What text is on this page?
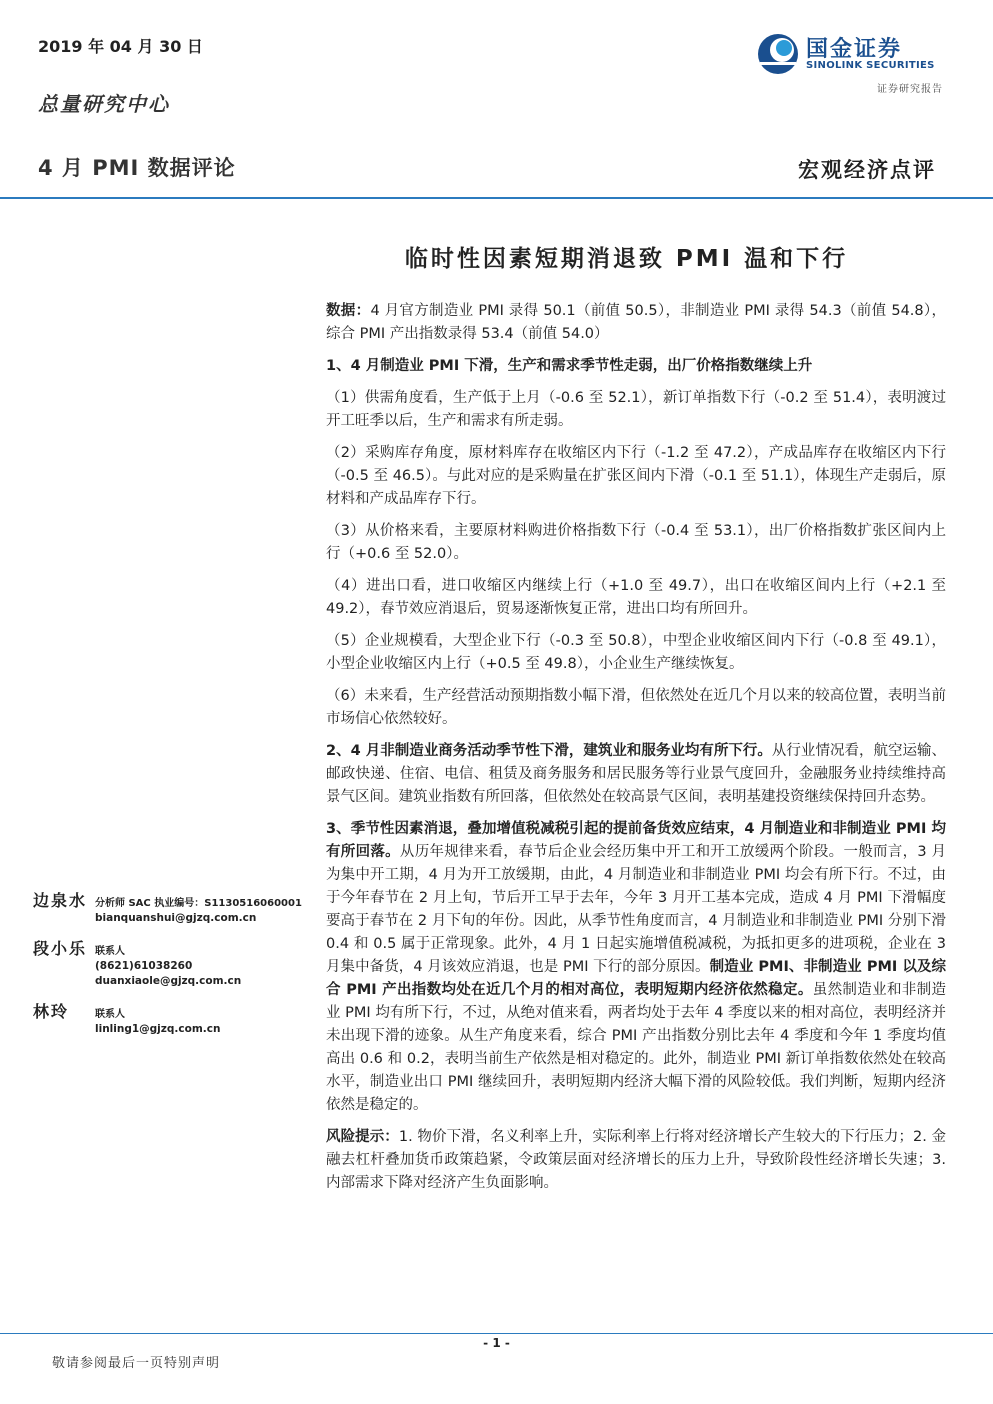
2019 年 04 月 30 日
总量研究中心
4 月 PMI 数据评论	宏观经济点评
国金证券
SINOLINK SECURITIES
证券研究报告
临时性因素短期消退致 PMI 温和下行

数据：4 月官方制造业 PMI 录得 50.1（前值 50.5），非制造业 PMI 录得 54.3（前值 54.8），综合 PMI 产出指数录得 53.4（前值 54.0）

1、4 月制造业 PMI 下滑，生产和需求季节性走弱，出厂价格指数继续上升

（1）供需角度看，生产低于上月（-0.6 至 52.1），新订单指数下行（-0.2 至 51.4），表明渡过开工旺季以后，生产和需求有所走弱。

（2）采购库存角度，原材料库存在收缩区内下行（-1.2 至 47.2），产成品库存在收缩区内下行（-0.5 至 46.5）。与此对应的是采购量在扩张区间内下滑（-0.1 至 51.1），体现生产走弱后，原材料和产成品库存下行。

（3）从价格来看，主要原材料购进价格指数下行（-0.4 至 53.1），出厂价格指数扩张区间内上行（+0.6 至 52.0）。

（4）进出口看，进口收缩区内继续上行（+1.0 至 49.7），出口在收缩区间内上行（+2.1 至 49.2），春节效应消退后，贸易逐渐恢复正常，进出口均有所回升。

（5）企业规模看，大型企业下行（-0.3 至 50.8），中型企业收缩区间内下行（-0.8 至 49.1），小型企业收缩区内上行（+0.5 至 49.8），小企业生产继续恢复。

（6）未来看，生产经营活动预期指数小幅下滑，但依然处在近几个月以来的较高位置，表明当前市场信心依然较好。

2、4 月非制造业商务活动季节性下滑，建筑业和服务业均有所下行。从行业情况看，航空运输、邮政快递、住宿、电信、租赁及商务服务和居民服务等行业景气度回升，金融服务业持续维持高景气区间。建筑业指数有所回落，但依然处在较高景气区间，表明基建投资继续保持回升态势。

3、季节性因素消退，叠加增值税减税引起的提前备货效应结束，4 月制造业和非制造业 PMI 均有所回落。从历年规律来看，春节后企业会经历集中开工和开工放缓两个阶段。一般而言，3 月为集中开工期，4 月为开工放缓期，由此，4 月制造业和非制造业 PMI 均会有所下行。不过，由于今年春节在 2 月上旬，节后开工早于去年，今年 3 月开工基本完成，造成 4 月 PMI 下滑幅度要高于春节在 2 月下旬的年份。因此，从季节性角度而言，4 月制造业和非制造业 PMI 分别下滑 0.4 和 0.5 属于正常现象。此外，4 月 1 日起实施增值税减税，为抵扣更多的进项税，企业在 3 月集中备货，4 月该效应消退，也是 PMI 下行的部分原因。制造业 PMI、非制造业 PMI 以及综合 PMI 产出指数均处在近几个月的相对高位，表明短期内经济依然稳定。虽然制造业和非制造业 PMI 均有所下行，不过，从绝对值来看，两者均处于去年 4 季度以来的相对高位，表明经济并未出现下滑的迹象。从生产角度来看，综合 PMI 产出指数分别比去年 4 季度和今年 1 季度均值高出 0.6 和 0.2，表明当前生产依然是相对稳定的。此外，制造业 PMI 新订单指数依然处在较高水平，制造业出口 PMI 继续回升，表明短期内经济大幅下滑的风险较低。我们判断，短期内经济依然是稳定的。

风险提示：1. 物价下滑，名义利率上升，实际利率上行将对经济增长产生较大的下行压力；2. 金融去杠杆叠加货币政策趋紧，令政策层面对经济增长的压力上升，导致阶段性经济增长失速；3. 内部需求下降对经济产生负面影响。

边泉水 分析师 SAC 执业编号：S1130516060001
bianquanshui@gjzq.com.cn
段小乐 联系人
(8621)61038260
duanxiaole@gjzq.com.cn
林玲	联系人
linling1@gjzq.com.cn
- 1 -
敬请参阅最后一页特别声明
